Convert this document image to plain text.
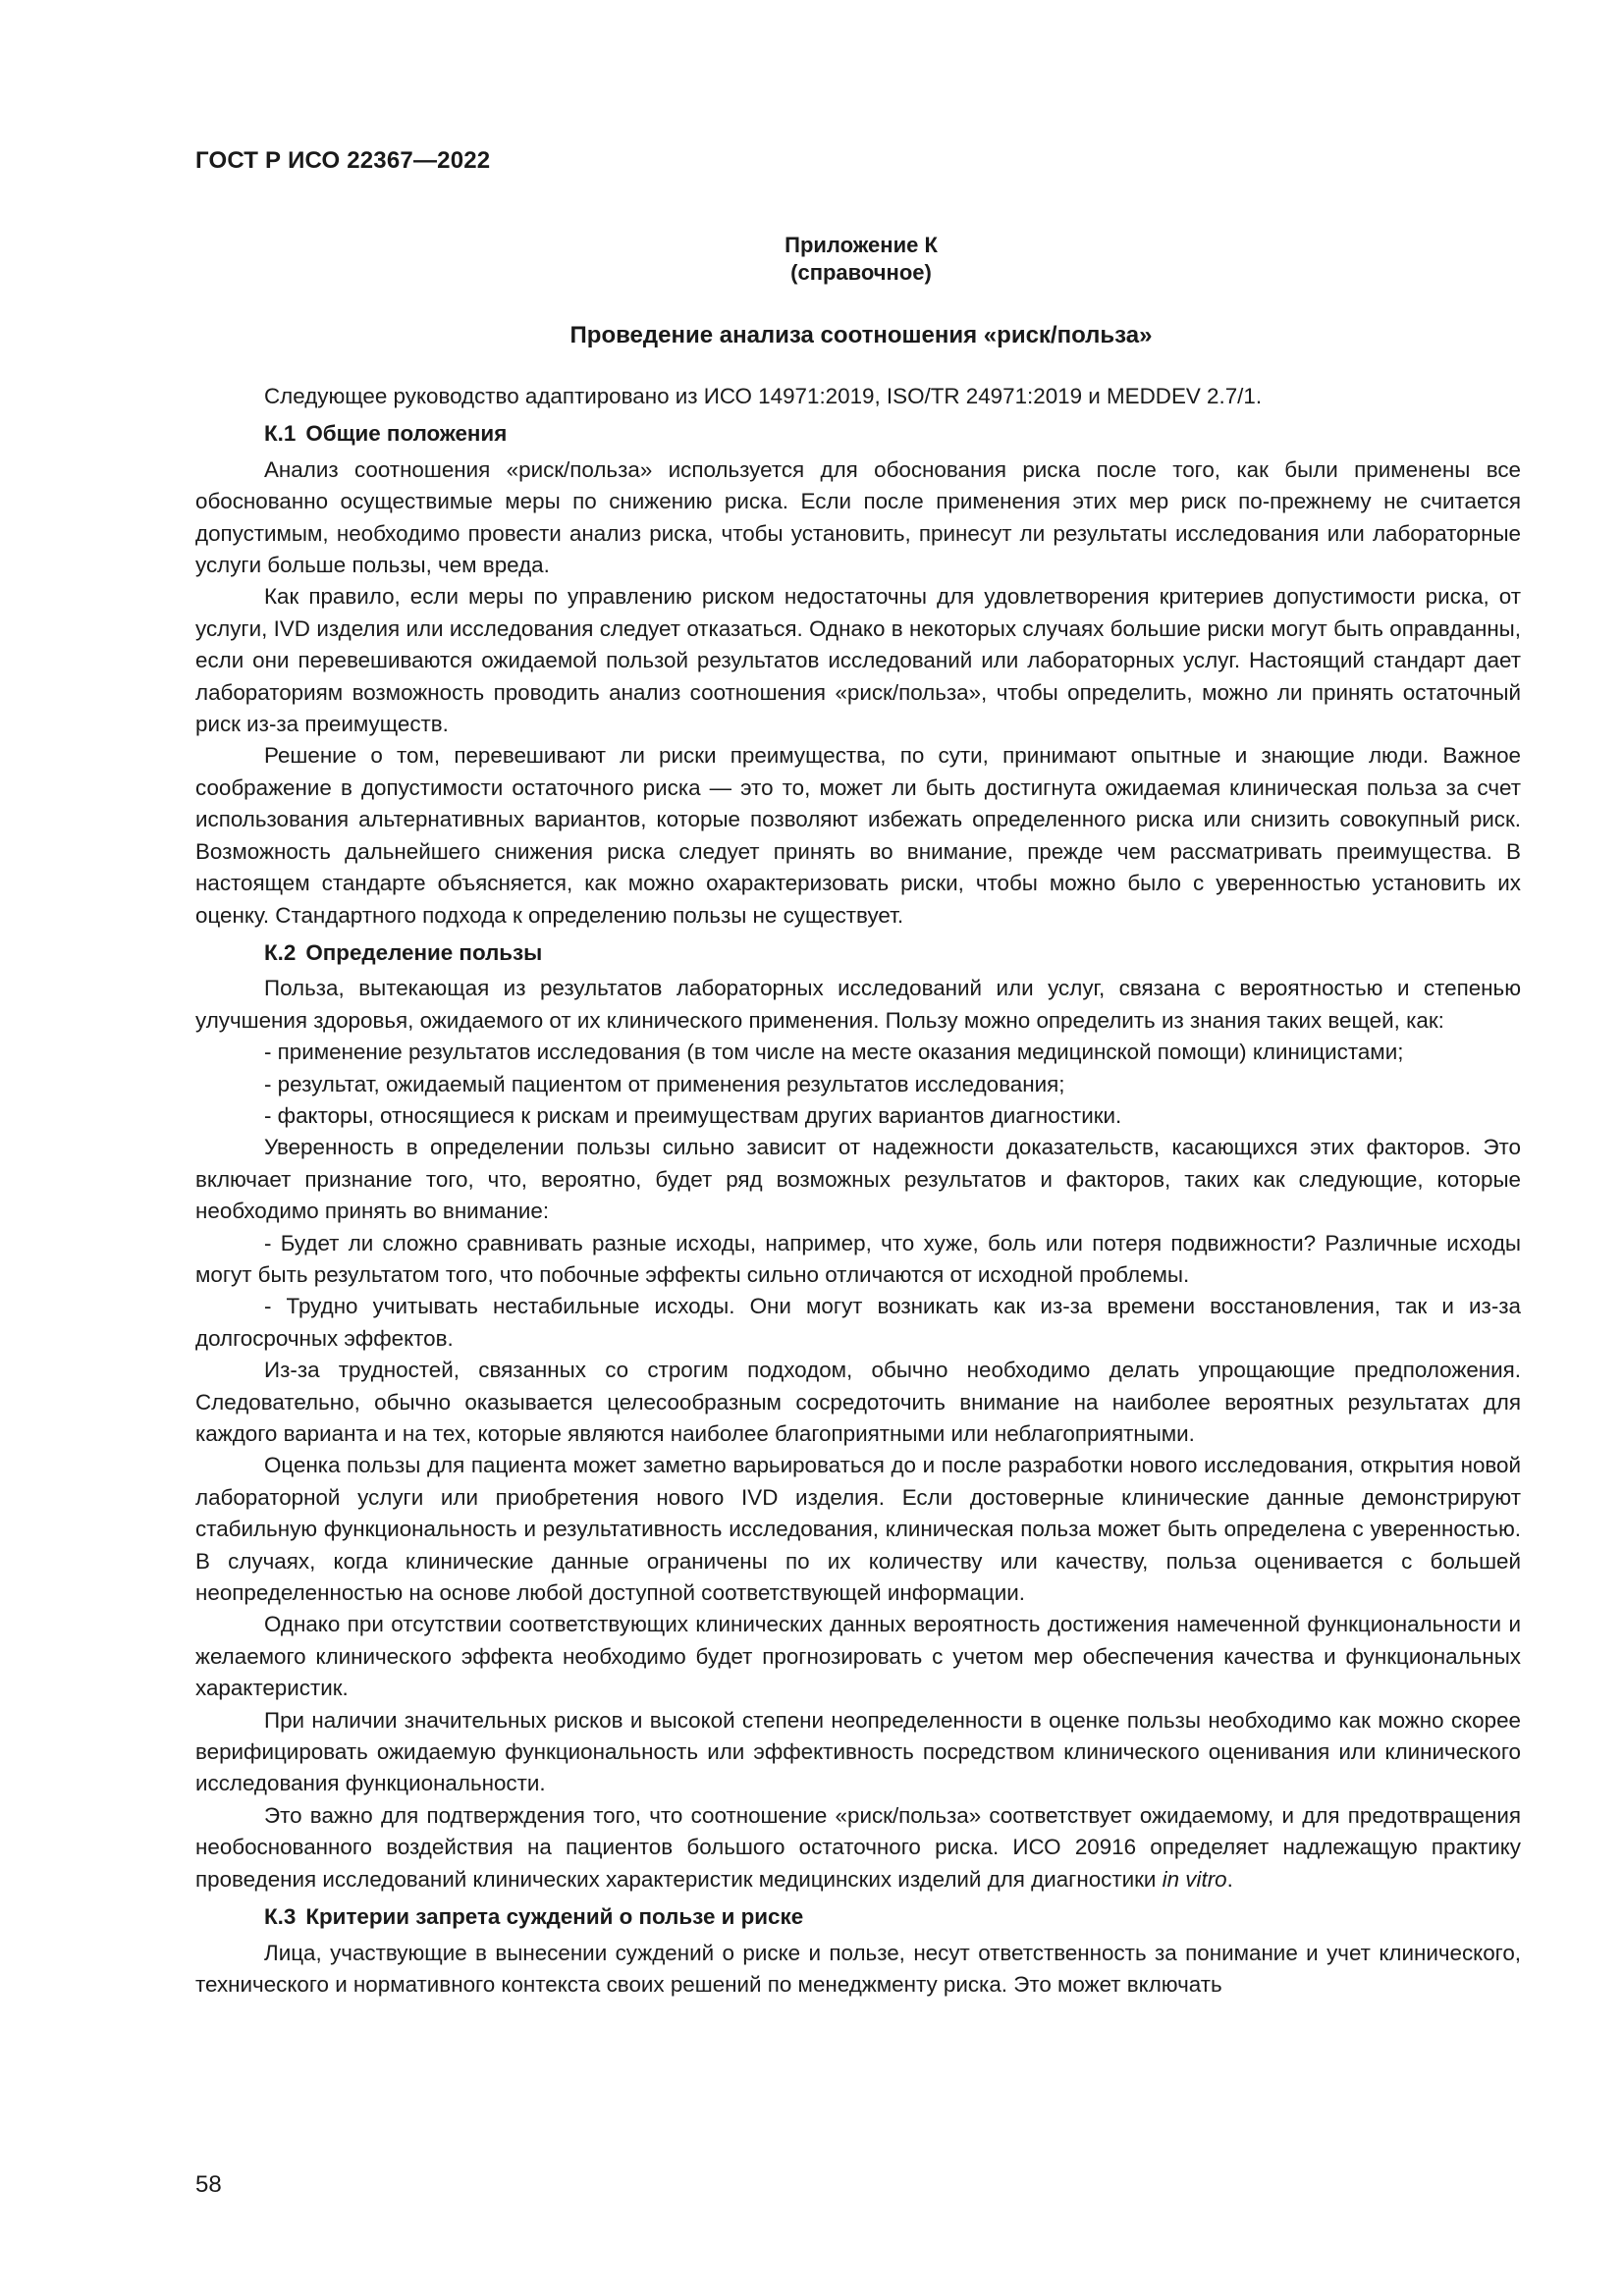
ГОСТ Р ИСО 22367—2022
Приложение К
(справочное)
Проведение анализа соотношения «риск/польза»

Следующее руководство адаптировано из ИСО 14971:2019, ISO/TR 24971:2019 и MEDDEV 2.7/1.

К.1 Общие положения

Анализ соотношения «риск/польза» используется для обоснования риска после того, как были применены все обоснованно осуществимые меры по снижению риска. Если после применения этих мер риск по-прежнему не считается допустимым, необходимо провести анализ риска, чтобы установить, принесут ли результаты исследования или лабораторные услуги больше пользы, чем вреда.

Как правило, если меры по управлению риском недостаточны для удовлетворения критериев допустимости риска, от услуги, IVD изделия или исследования следует отказаться. Однако в некоторых случаях большие риски могут быть оправданны, если они перевешиваются ожидаемой пользой результатов исследований или лабораторных услуг. Настоящий стандарт дает лабораториям возможность проводить анализ соотношения «риск/польза», чтобы определить, можно ли принять остаточный риск из-за преимуществ.

Решение о том, перевешивают ли риски преимущества, по сути, принимают опытные и знающие люди. Важное соображение в допустимости остаточного риска — это то, может ли быть достигнута ожидаемая клиническая польза за счет использования альтернативных вариантов, которые позволяют избежать определенного риска или снизить совокупный риск. Возможность дальнейшего снижения риска следует принять во внимание, прежде чем рассматривать преимущества. В настоящем стандарте объясняется, как можно охарактеризовать риски, чтобы можно было с уверенностью установить их оценку. Стандартного подхода к определению пользы не существует.

К.2 Определение пользы

Польза, вытекающая из результатов лабораторных исследований или услуг, связана с вероятностью и степенью улучшения здоровья, ожидаемого от их клинического применения. Пользу можно определить из знания таких вещей, как:

- применение результатов исследования (в том числе на месте оказания медицинской помощи) клиницистами;

- результат, ожидаемый пациентом от применения результатов исследования;

- факторы, относящиеся к рискам и преимуществам других вариантов диагностики.

Уверенность в определении пользы сильно зависит от надежности доказательств, касающихся этих факторов. Это включает признание того, что, вероятно, будет ряд возможных результатов и факторов, таких как следующие, которые необходимо принять во внимание:

- Будет ли сложно сравнивать разные исходы, например, что хуже, боль или потеря подвижности? Различные исходы могут быть результатом того, что побочные эффекты сильно отличаются от исходной проблемы.

- Трудно учитывать нестабильные исходы. Они могут возникать как из-за времени восстановления, так и из-за долгосрочных эффектов.

Из-за трудностей, связанных со строгим подходом, обычно необходимо делать упрощающие предположения. Следовательно, обычно оказывается целесообразным сосредоточить внимание на наиболее вероятных результатах для каждого варианта и на тех, которые являются наиболее благоприятными или неблагоприятными.

Оценка пользы для пациента может заметно варьироваться до и после разработки нового исследования, открытия новой лабораторной услуги или приобретения нового IVD изделия. Если достоверные клинические данные демонстрируют стабильную функциональность и результативность исследования, клиническая польза может быть определена с уверенностью. В случаях, когда клинические данные ограничены по их количеству или качеству, польза оценивается с большей неопределенностью на основе любой доступной соответствующей информации.

Однако при отсутствии соответствующих клинических данных вероятность достижения намеченной функциональности и желаемого клинического эффекта необходимо будет прогнозировать с учетом мер обеспечения качества и функциональных характеристик.

При наличии значительных рисков и высокой степени неопределенности в оценке пользы необходимо как можно скорее верифицировать ожидаемую функциональность или эффективность посредством клинического оценивания или клинического исследования функциональности.

Это важно для подтверждения того, что соотношение «риск/польза» соответствует ожидаемому, и для предотвращения необоснованного воздействия на пациентов большого остаточного риска. ИСО 20916 определяет надлежащую практику проведения исследований клинических характеристик медицинских изделий для диагностики in vitro.

К.3 Критерии запрета суждений о пользе и риске

Лица, участвующие в вынесении суждений о риске и пользе, несут ответственность за понимание и учет клинического, технического и нормативного контекста своих решений по менеджменту риска. Это может включать

58
